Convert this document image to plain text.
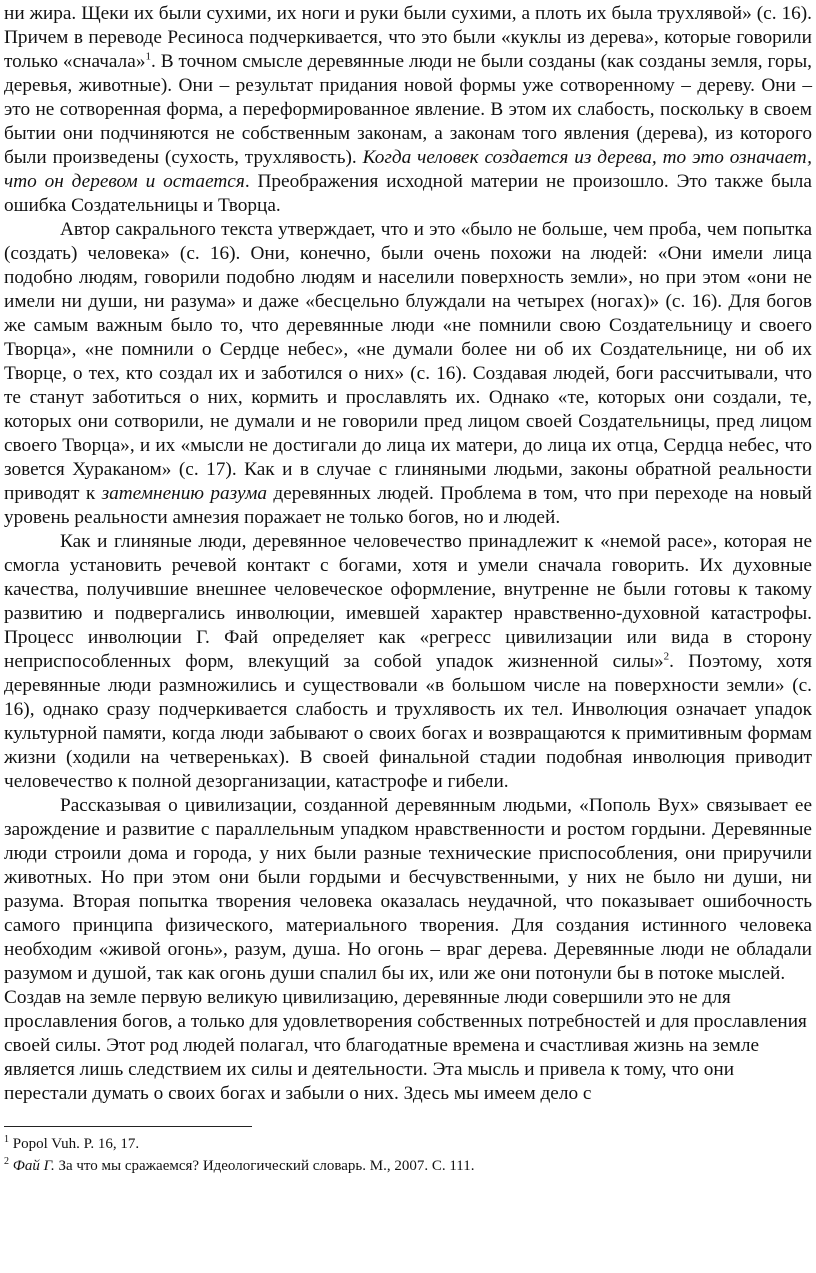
ни жира. Щеки их были сухими, их ноги и руки были сухими, а плоть их была трухлявой» (с. 16). Причем в переводе Ресиноса подчеркивается, что это были «куклы из дерева», которые говорили только «сначала»$^1$. В точном смысле деревянные люди не были созданы (как созданы земля, горы, деревья, животные). Они – результат придания новой формы уже сотворенному – дереву. Они – это не сотворенная форма, а переформированное явление. В этом их слабость, поскольку в своем бытии они подчиняются не собственным законам, а законам того явления (дерева), из которого были произведены (сухость, трухлявость). Когда человек создается из дерева, то это означает, что он деревом и остается. Преображения исходной материи не произошло. Это также была ошибка Создательницы и Творца.

Автор сакрального текста утверждает, что и это «было не больше, чем проба, чем попытка (создать) человека» (с. 16). Они, конечно, были очень похожи на людей: «Они имели лица подобно людям, говорили подобно людям и населили поверхность земли», но при этом «они не имели ни души, ни разума» и даже «бесцельно блуждали на четырех (ногах)» (с. 16). Для богов же самым важным было то, что деревянные люди «не помнили свою Создательницу и своего Творца», «не помнили о Сердце небес», «не думали более ни об их Создательнице, ни об их Творце, о тех, кто создал их и заботился о них» (с. 16). Создавая людей, боги рассчитывали, что те станут заботиться о них, кормить и прославлять их. Однако «те, которых они создали, те, которых они сотворили, не думали и не говорили пред лицом своей Создательницы, пред лицом своего Творца», и их «мысли не достигали до лица их матери, до лица их отца, Сердца небес, что зовется Хураканом» (с. 17). Как и в случае с глиняными людьми, законы обратной реальности приводят к затемнению разума деревянных людей. Проблема в том, что при переходе на новый уровень реальности амнезия поражает не только богов, но и людей.

Как и глиняные люди, деревянное человечество принадлежит к «немой расе», которая не смогла установить речевой контакт с богами, хотя и умели сначала говорить. Их духовные качества, получившие внешнее человеческое оформление, внутренне не были готовы к такому развитию и подвергались инволюции, имевшей характер нравственно-духовной катастрофы. Процесс инволюции Г. Фай определяет как «регресс цивилизации или вида в сторону неприспособленных форм, влекущий за собой упадок жизненной силы»$^2$. Поэтому, хотя деревянные люди размножились и существовали «в большом числе на поверхности земли» (с. 16), однако сразу подчеркивается слабость и трухлявость их тел. Инволюция означает упадок культурной памяти, когда люди забывают о своих богах и возвращаются к примитивным формам жизни (ходили на четвереньках). В своей финальной стадии подобная инволюция приводит человечество к полной дезорганизации, катастрофе и гибели.

Рассказывая о цивилизации, созданной деревянным людьми, «Пополь Вух» связывает ее зарождение и развитие с параллельным упадком нравственности и ростом гордыни. Деревянные люди строили дома и города, у них были разные технические приспособления, они приручили животных. Но при этом они были гордыми и бесчувственными, у них не было ни души, ни разума. Вторая попытка творения человека оказалась неудачной, что показывает ошибочность самого принципа физического, материального творения. Для создания истинного человека необходим «живой огонь», разум, душа. Но огонь – враг дерева. Деревянные люди не обладали разумом и душой, так как огонь души спалил бы их, или же они потонули бы в потоке мыслей.

Создав на земле первую великую цивилизацию, деревянные люди совершили это не для прославления богов, а только для удовлетворения собственных потребностей и для прославления своей силы. Этот род людей полагал, что благодатные времена и счастливая жизнь на земле является лишь следствием их силы и деятельности. Эта мысль и привела к тому, что они перестали думать о своих богах и забыли о них. Здесь мы имеем дело с

$^1$ Popol Vuh. P. 16, 17.

$^2$ Фай Г. За что мы сражаемся? Идеологический словарь. М., 2007. С. 111.
